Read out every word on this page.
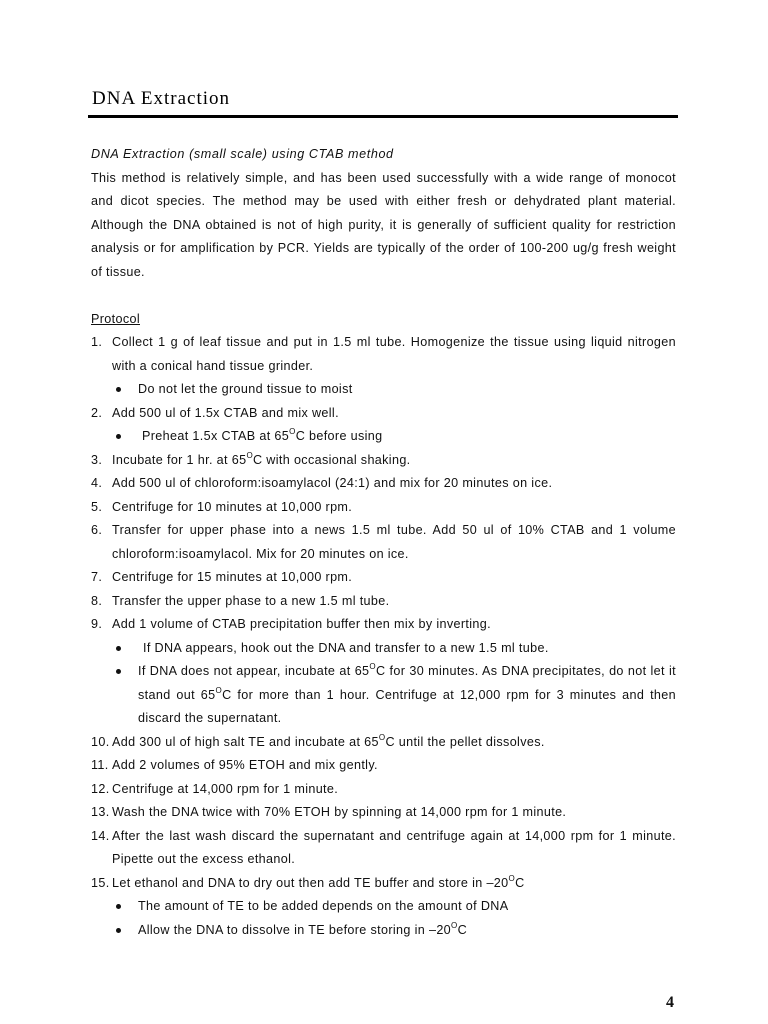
DNA Extraction
DNA Extraction (small scale) using CTAB method
This method is relatively simple, and has been used successfully with a wide range of monocot and dicot species. The method may be used with either fresh or dehydrated plant material. Although the DNA obtained is not of high purity, it is generally of sufficient quality for restriction analysis or for amplification by PCR. Yields are typically of the order of 100-200 ug/g fresh weight of tissue.
Protocol
1. Collect 1 g of leaf tissue and put in 1.5 ml tube. Homogenize the tissue using liquid nitrogen with a conical hand tissue grinder.
Do not let the ground tissue to moist
2. Add 500 ul of 1.5x CTAB and mix well.
Preheat 1.5x CTAB at $65^OC$ before using
3. Incubate for 1 hr. at $65^OC$ with occasional shaking.
4. Add 500 ul of chloroform:isoamylacol (24:1) and mix for 20 minutes on ice.
5. Centrifuge for 10 minutes at 10,000 rpm.
6. Transfer for upper phase into a news 1.5 ml tube. Add 50 ul of 10% CTAB and 1 volume chloroform:isoamylacol. Mix for 20 minutes on ice.
7. Centrifuge for 15 minutes at 10,000 rpm.
8. Transfer the upper phase to a new 1.5 ml tube.
9. Add 1 volume of CTAB precipitation buffer then mix by inverting.
If DNA appears, hook out the DNA and transfer to a new 1.5 ml tube.
If DNA does not appear, incubate at $65^OC$ for 30 minutes. As DNA precipitates, do not let it stand out $65^OC$ for more than 1 hour. Centrifuge at 12,000 rpm for 3 minutes and then discard the supernatant.
10. Add 300 ul of high salt TE and incubate at $65^OC$ until the pellet dissolves.
11. Add 2 volumes of 95% ETOH and mix gently.
12. Centrifuge at 14,000 rpm for 1 minute.
13. Wash the DNA twice with 70% ETOH by spinning at 14,000 rpm for 1 minute.
14. After the last wash discard the supernatant and centrifuge again at 14,000 rpm for 1 minute. Pipette out the excess ethanol.
15. Let ethanol and DNA to dry out then add TE buffer and store in $-20^OC$
The amount of TE to be added depends on the amount of DNA
Allow the DNA to dissolve in TE before storing in $-20^OC$
4
